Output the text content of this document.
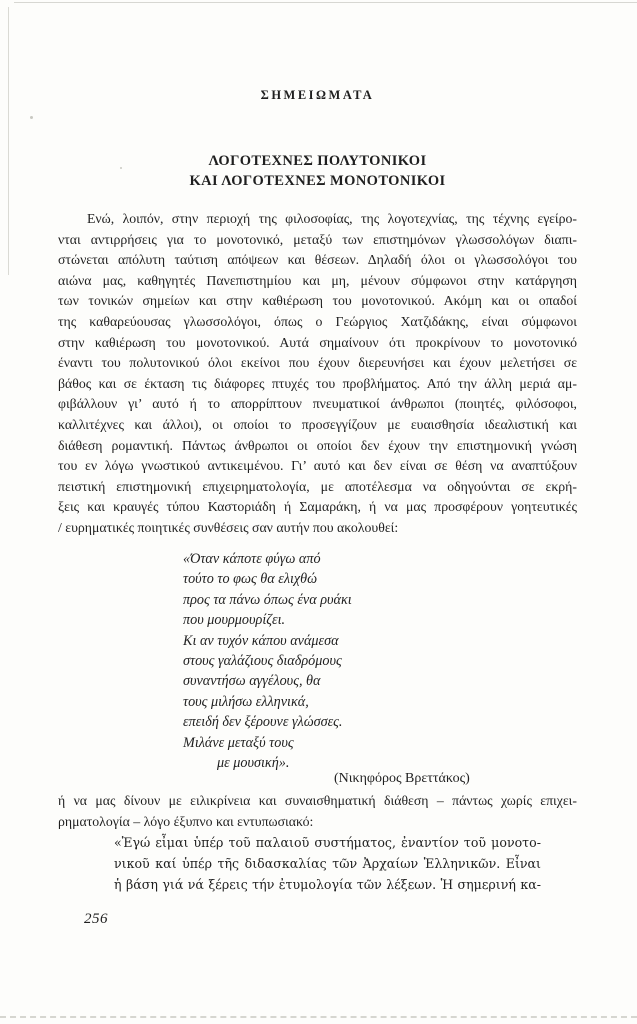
ΣΗΜΕΙΩΜΑΤΑ
ΛΟΓΟΤΕΧΝΕΣ ΠΟΛΥΤΟΝΙΚΟΙ
ΚΑΙ ΛΟΓΟΤΕΧΝΕΣ ΜΟΝΟΤΟΝΙΚΟΙ
Ενώ, λοιπόν, στην περιοχή της φιλοσοφίας, της λογοτεχνίας, της τέχνης εγείρο-
νται αντιρρήσεις για το μονοτονικό, μεταξύ των επιστημόνων γλωσσολόγων διαπι-
στώνεται απόλυτη ταύτιση απόψεων και θέσεων. Δηλαδή όλοι οι γλωσσολόγοι του
αιώνα μας, καθηγητές Πανεπιστημίου και μη, μένουν σύμφωνοι στην κατάργηση
των τονικών σημείων και στην καθιέρωση του μονοτονικού. Ακόμη και οι οπαδοί
της καθαρεύουσας γλωσσολόγοι, όπως ο Γεώργιος Χατζιδάκης, είναι σύμφωνοι
στην καθιέρωση του μονοτονικού. Αυτά σημαίνουν ότι προκρίνουν το μονοτονικό
έναντι του πολυτονικού όλοι εκείνοι που έχουν διερευνήσει και έχουν μελετήσει σε
βάθος και σε έκταση τις διάφορες πτυχές του προβλήματος. Από την άλλη μεριά αμ-
φιβάλλουν γι’ αυτό ή το απορρίπτουν πνευματικοί άνθρωποι (ποιητές, φιλόσοφοι,
καλλιτέχνες και άλλοι), οι οποίοι το προσεγγίζουν με ευαισθησία ιδεαλιστική και
διάθεση ρομαντική. Πάντως άνθρωποι οι οποίοι δεν έχουν την επιστημονική γνώση
του εν λόγω γνωστικού αντικειμένου. Γι’ αυτό και δεν είναι σε θέση να αναπτύξουν
πειστική επιστημονική επιχειρηματολογία, με αποτέλεσμα να οδηγούνται σε εκρή-
ξεις και κραυγές τύπου Καστοριάδη ή Σαμαράκη, ή να μας προσφέρουν γοητευτικές
/ ευρηματικές ποιητικές συνθέσεις σαν αυτήν που ακολουθεί:
«Όταν κάποτε φύγω από
τούτο το φως θα ελιχθώ
προς τα πάνω όπως ένα ρυάκι
που μουρμουρίζει.
Κι αν τυχόν κάπου ανάμεσα
στους γαλάζιους διαδρόμους
συναντήσω αγγέλους, θα
τους μιλήσω ελληνικά,
επειδή δεν ξέρουνε γλώσσες.
Μιλάνε μεταξύ τους
με μουσική».
(Νικηφόρος Βρεττάκος)
ή να μας δίνουν με ειλικρίνεια και συναισθηματική διάθεση – πάντως χωρίς επιχει-
ρηματολογία – λόγο έξυπνο και εντυπωσιακό:
«Ἐγώ εἶμαι ὑπέρ τοῦ παλαιοῦ συστήματος, ἐναντίον τοῦ μονοτο-
νικοῦ καί ὑπέρ τῆς διδασκαλίας τῶν Ἀρχαίων Ἑλληνικῶν. Εἶναι
ἡ βάση γιά νά ξέρεις τήν ἐτυμολογία τῶν λέξεων. Ἡ σημερινή κα-
256
